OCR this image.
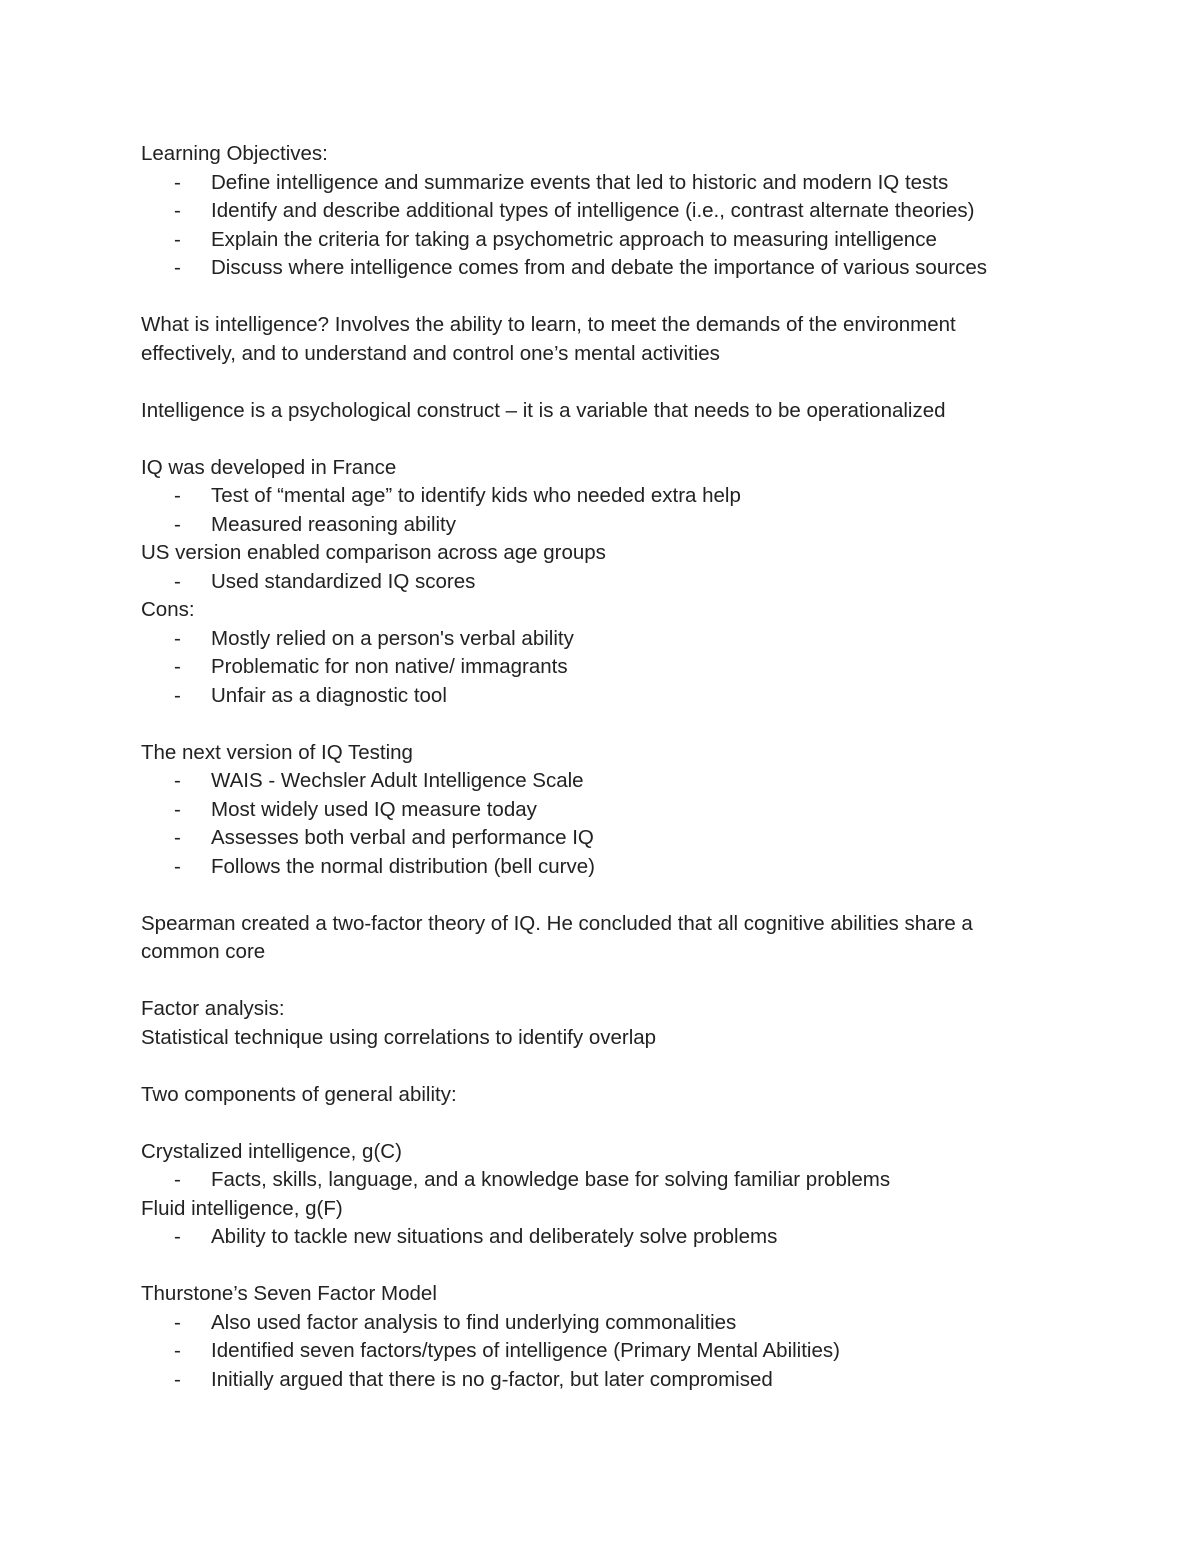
Learning Objectives:
- Define intelligence and summarize events that led to historic and modern IQ tests
- Identify and describe additional types of intelligence (i.e., contrast alternate theories)
- Explain the criteria for taking a psychometric approach to measuring intelligence
- Discuss where intelligence comes from and debate the importance of various sources
What is intelligence? Involves the ability to learn, to meet the demands of the environment
effectively, and to understand and control one’s mental activities
Intelligence is a psychological construct – it is a variable that needs to be operationalized
IQ was developed in France
- Test of “mental age” to identify kids who needed extra help
- Measured reasoning ability
US version enabled comparison across age groups
- Used standardized IQ scores
Cons:
- Mostly relied on a person's verbal ability
- Problematic for non native/ immagrants
- Unfair as a diagnostic tool
The next version of IQ Testing
- WAIS - Wechsler Adult Intelligence Scale
- Most widely used IQ measure today
- Assesses both verbal and performance IQ
- Follows the normal distribution (bell curve)
Spearman created a two-factor theory of IQ. He concluded that all cognitive abilities share a
common core
Factor analysis:
Statistical technique using correlations to identify overlap
Two components of general ability:
Crystalized intelligence, g(C)
- Facts, skills, language, and a knowledge base for solving familiar problems
Fluid intelligence, g(F)
- Ability to tackle new situations and deliberately solve problems
Thurstone’s Seven Factor Model
- Also used factor analysis to find underlying commonalities
- Identified seven factors/types of intelligence (Primary Mental Abilities)
- Initially argued that there is no g-factor, but later compromised
